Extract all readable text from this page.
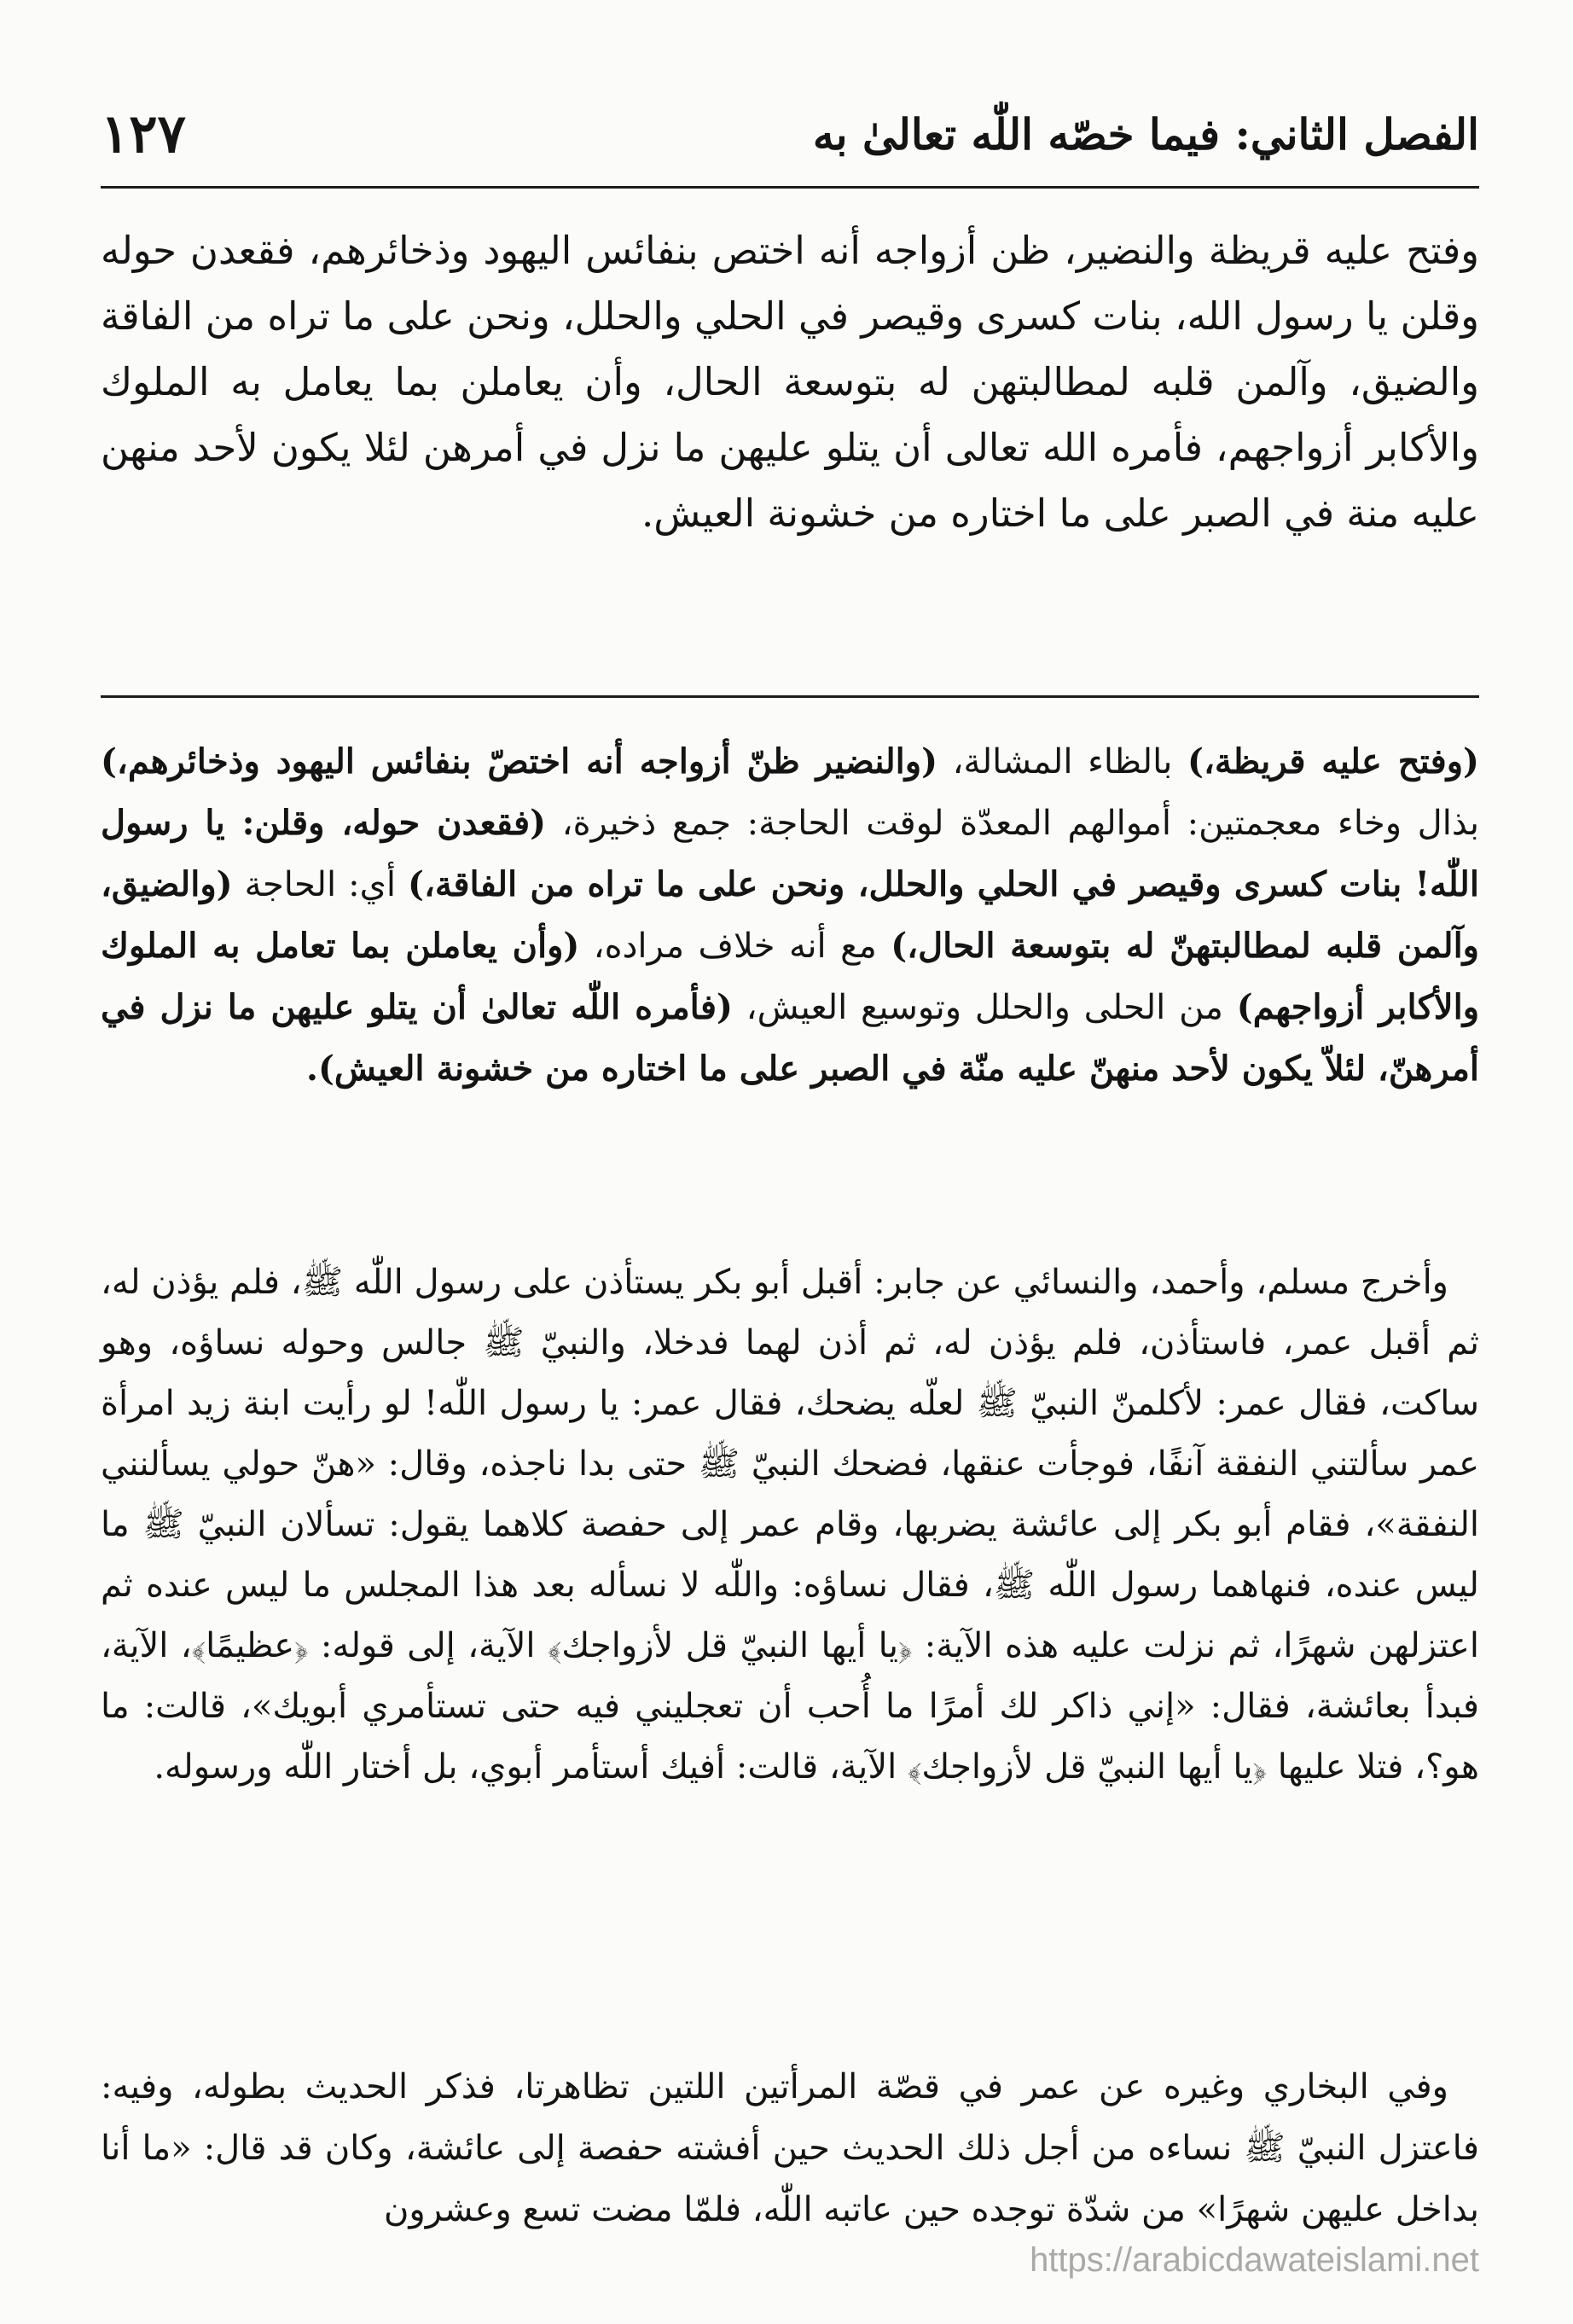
الفصل الثاني: فيما خصّه اللّٰه تعالىٰ به
١٢٧

وفتح عليه قريظة والنضير، ظن أزواجه أنه اختص بنفائس اليهود وذخائرهم، فقعدن حوله وقلن يا رسول الله، بنات كسرى وقيصر في الحلي والحلل، ونحن على ما تراه من الفاقة والضيق، وآلمن قلبه لمطالبتهن له بتوسعة الحال، وأن يعاملن بما يعامل به الملوك والأكابر أزواجهم، فأمره الله تعالى أن يتلو عليهن ما نزل في أمرهن لئلا يكون لأحد منهن عليه منة في الصبر على ما اختاره من خشونة العيش.

(وفتح عليه قريظة،) بالظاء المشالة، (والنضير ظنّ أزواجه أنه اختصّ بنفائس اليهود وذخائرهم،) بذال وخاء معجمتين: أموالهم المعدّة لوقت الحاجة: جمع ذخيرة، (فقعدن حوله، وقلن: يا رسول اللّٰه! بنات كسرى وقيصر في الحلي والحلل، ونحن على ما تراه من الفاقة،) أي: الحاجة (والضيق، وآلمن قلبه لمطالبتهنّ له بتوسعة الحال،) مع أنه خلاف مراده، (وأن يعاملن بما تعامل به الملوك والأكابر أزواجهم) من الحلى والحلل وتوسيع العيش، (فأمره اللّٰه تعالىٰ أن يتلو عليهن ما نزل في أمرهنّ، لئلاّ يكون لأحد منهنّ عليه منّة في الصبر على ما اختاره من خشونة العيش).

وأخرج مسلم، وأحمد، والنسائي عن جابر: أقبل أبو بكر يستأذن على رسول اللّٰه ﷺ، فلم يؤذن له، ثم أقبل عمر، فاستأذن، فلم يؤذن له، ثم أذن لهما فدخلا، والنبيّ ﷺ جالس وحوله نساؤه، وهو ساكت، فقال عمر: لأكلمنّ النبيّ ﷺ لعلّه يضحك، فقال عمر: يا رسول اللّٰه! لو رأيت ابنة زيد امرأة عمر سألتني النفقة آنفًا، فوجأت عنقها، فضحك النبيّ ﷺ حتى بدا ناجذه، وقال: «هنّ حولي يسألنني النفقة»، فقام أبو بكر إلى عائشة يضربها، وقام عمر إلى حفصة كلاهما يقول: تسألان النبيّ ﷺ ما ليس عنده، فنهاهما رسول اللّٰه ﷺ، فقال نساؤه: واللّٰه لا نسأله بعد هذا المجلس ما ليس عنده ثم اعتزلهن شهرًا، ثم نزلت عليه هذه الآية: ﴿يا أيها النبيّ قل لأزواجك﴾ الآية، إلى قوله: ﴿عظيمًا﴾، الآية، فبدأ بعائشة، فقال: «إني ذاكر لك أمرًا ما أُحب أن تعجليني فيه حتى تستأمري أبويك»، قالت: ما هو؟، فتلا عليها ﴿يا أيها النبيّ قل لأزواجك﴾ الآية، قالت: أفيك أستأمر أبوي، بل أختار اللّٰه ورسوله.

وفي البخاري وغيره عن عمر في قصّة المرأتين اللتين تظاهرتا، فذكر الحديث بطوله، وفيه: فاعتزل النبيّ ﷺ نساءه من أجل ذلك الحديث حين أفشته حفصة إلى عائشة، وكان قد قال: «ما أنا بداخل عليهن شهرًا» من شدّة توجده حين عاتبه اللّٰه، فلمّا مضت تسع وعشرون

https://arabicdawateislami.net
